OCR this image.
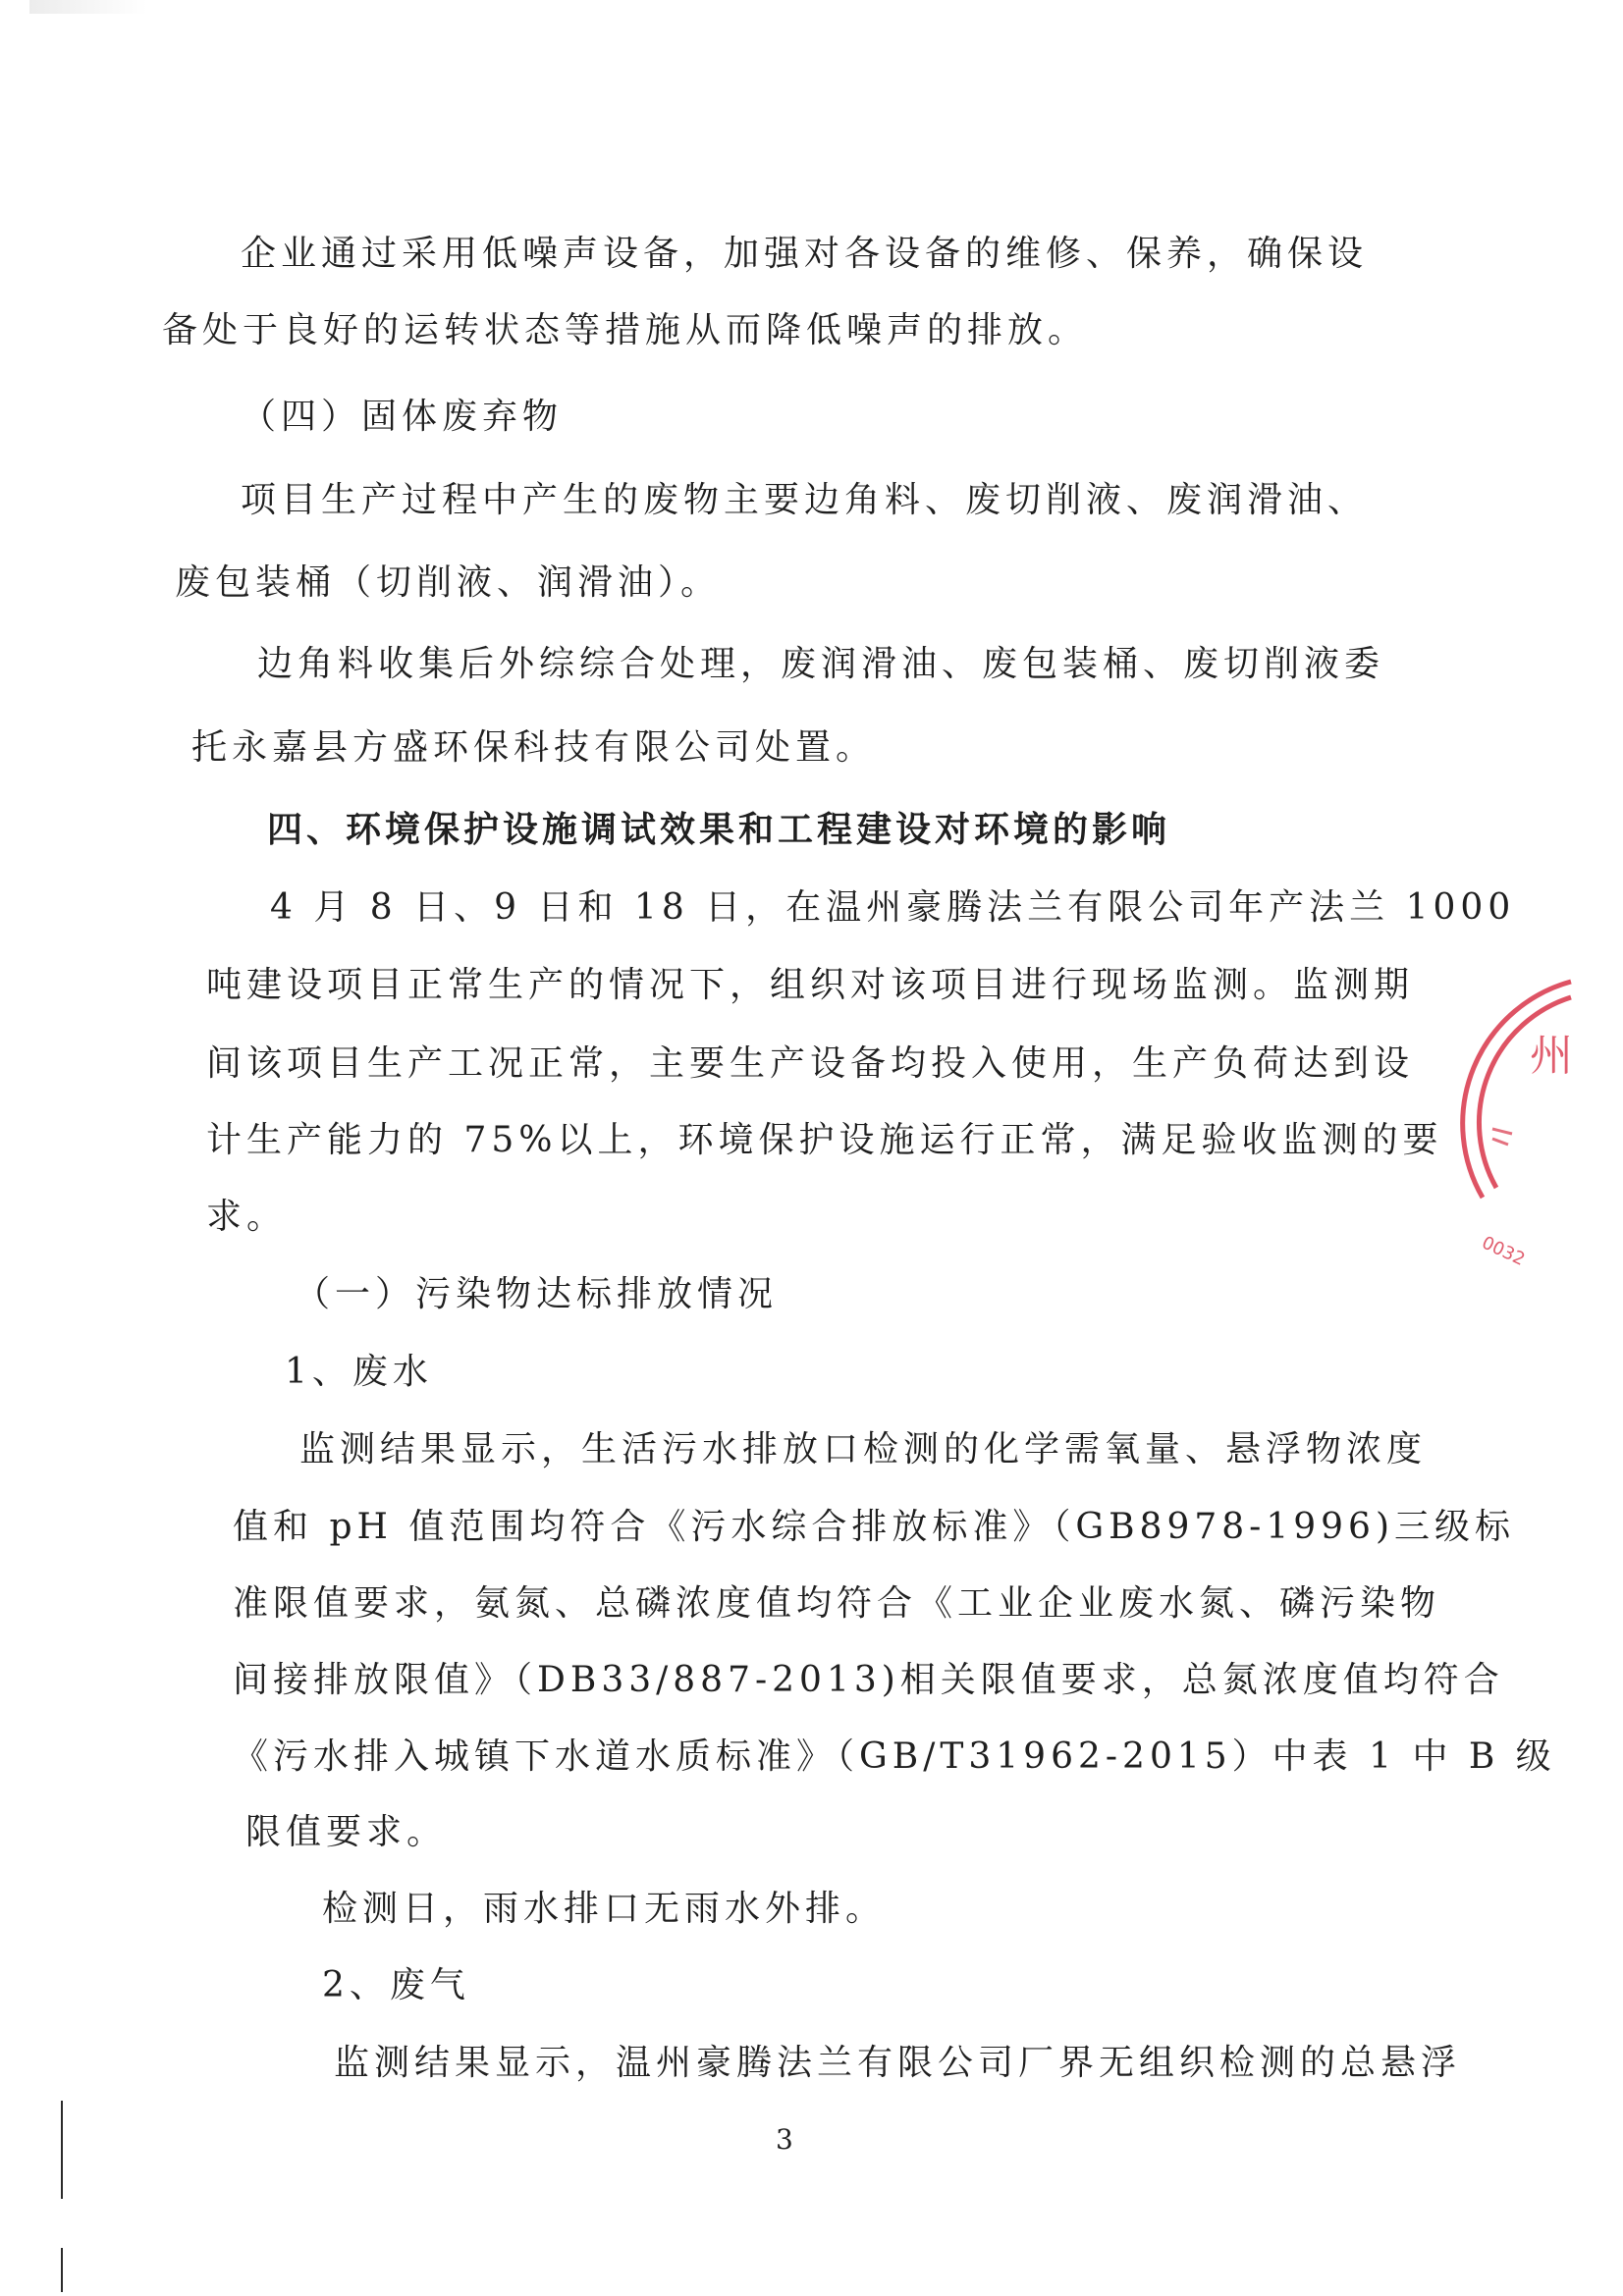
企业通过采用低噪声设备，加强对各设备的维修、保养，确保设
备处于良好的运转状态等措施从而降低噪声的排放。
（四）固体废弃物
项目生产过程中产生的废物主要边角料、废切削液、废润滑油、
废包装桶（切削液、润滑油）。
边角料收集后外综综合处理，废润滑油、废包装桶、废切削液委
托永嘉县方盛环保科技有限公司处置。
四、环境保护设施调试效果和工程建设对环境的影响
4 月 8 日、9 日和 18 日，在温州豪腾法兰有限公司年产法兰 1000
吨建设项目正常生产的情况下，组织对该项目进行现场监测。监测期
间该项目生产工况正常，主要生产设备均投入使用，生产负荷达到设
计生产能力的 75%以上，环境保护设施运行正常，满足验收监测的要
求。
（一）污染物达标排放情况
1、废水
监测结果显示，生活污水排放口检测的化学需氧量、悬浮物浓度
值和 pH 值范围均符合《污水综合排放标准》（GB8978-1996)三级标
准限值要求，氨氮、总磷浓度值均符合《工业企业废水氮、磷污染物
间接排放限值》（DB33/887-2013)相关限值要求，总氮浓度值均符合
《污水排入城镇下水道水质标准》（GB/T31962-2015）中表 1 中 B 级
限值要求。
检测日，雨水排口无雨水外排。
2、废气
监测结果显示，温州豪腾法兰有限公司厂界无组织检测的总悬浮
3
州
0032
